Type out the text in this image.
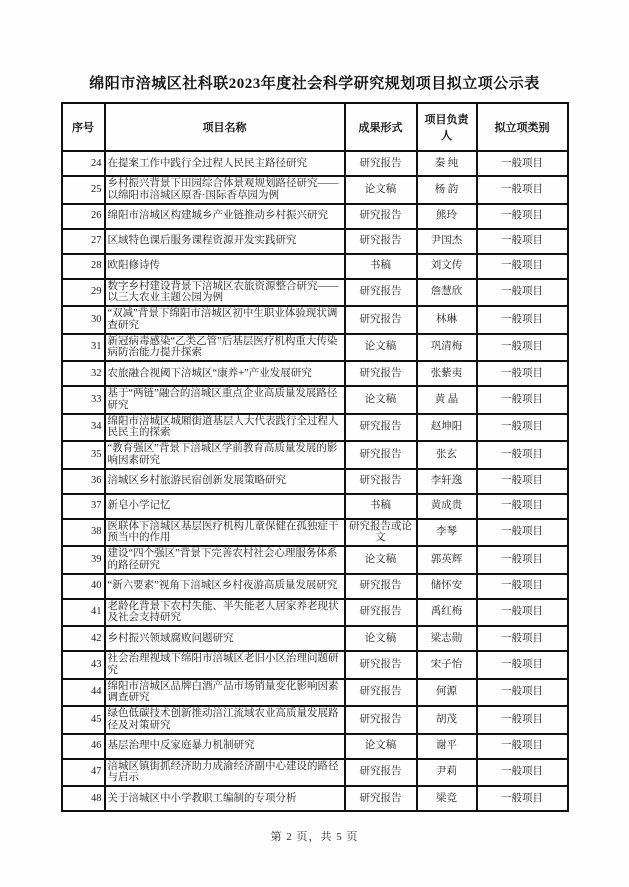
绵阳市涪城区社科联2023年度社会科学研究规划项目拟立项公示表
序号	项目名称	成果形式	项目负责人	拟立项类别
24	在提案工作中践行全过程人民民主路径研究	研究报告	秦 纯	一般项目
25	乡村振兴背景下田园综合体景观规划路径研究——以绵阳市涪城区原香·国际香草园为例	论文稿	杨 韵	一般项目
26	绵阳市涪城区构建城乡产业链推动乡村振兴研究	研究报告	熊玲	一般项目
27	区域特色课后服务课程资源开发实践研究	研究报告	尹国杰	一般项目
28	欧阳修诗传	书稿	刘文传	一般项目
29	数字乡村建设背景下涪城区农旅资源整合研究——以三大农业主题公园为例	研究报告	詹慧欣	一般项目
30	“双减”背景下绵阳市涪城区初中生职业体验现状调查研究	研究报告	林琳	一般项目
31	新冠病毒感染“乙类乙管”后基层医疗机构重大传染病防治能力提升探索	论文稿	巩清梅	一般项目
32	农旅融合视阈下涪城区“康养+”产业发展研究	研究报告	张紫夷	一般项目
33	基于“两链”融合的涪城区重点企业高质量发展路径研究	论文稿	黄 晶	一般项目
34	绵阳市涪城区城厢街道基层人大代表践行全过程人民民主的探索	研究报告	赵坤阳	一般项目
35	“教育强区”背景下涪城区学前教育高质量发展的影响因素研究	研究报告	张玄	一般项目
36	涪城区乡村旅游民宿创新发展策略研究	研究报告	李轩逸	一般项目
37	新皂小学记忆	书稿	黄成贵	一般项目
38	医联体下涪城区基层医疗机构儿童保健在孤独症干预当中的作用	研究报告或论文	李琴	一般项目
39	建设“四个强区”背景下完善农村社会心理服务体系的路径研究	论文稿	郭英辉	一般项目
40	“新六要素”视角下涪城区乡村夜游高质量发展研究	研究报告	储怀安	一般项目
41	老龄化背景下农村失能、半失能老人居家养老现状及社会支持研究	研究报告	禹红梅	一般项目
42	乡村振兴领域腐败问题研究	论文稿	梁志勋	一般项目
43	社会治理视域下绵阳市涪城区老旧小区治理问题研究	研究报告	宋子怡	一般项目
44	绵阳市涪城区品牌白酒产品市场销量变化影响因素调查研究	研究报告	何源	一般项目
45	绿色低碳技术创新推动涪江流域农业高质量发展路径及对策研究	研究报告	胡茂	一般项目
46	基层治理中反家庭暴力机制研究	论文稿	谢平	一般项目
47	涪城区镇街抓经济助力成渝经济副中心建设的路径与启示	研究报告	尹莉	一般项目
48	关于涪城区中小学教职工编制的专项分析	研究报告	梁竞	一般项目
第 2 页，共 5 页
